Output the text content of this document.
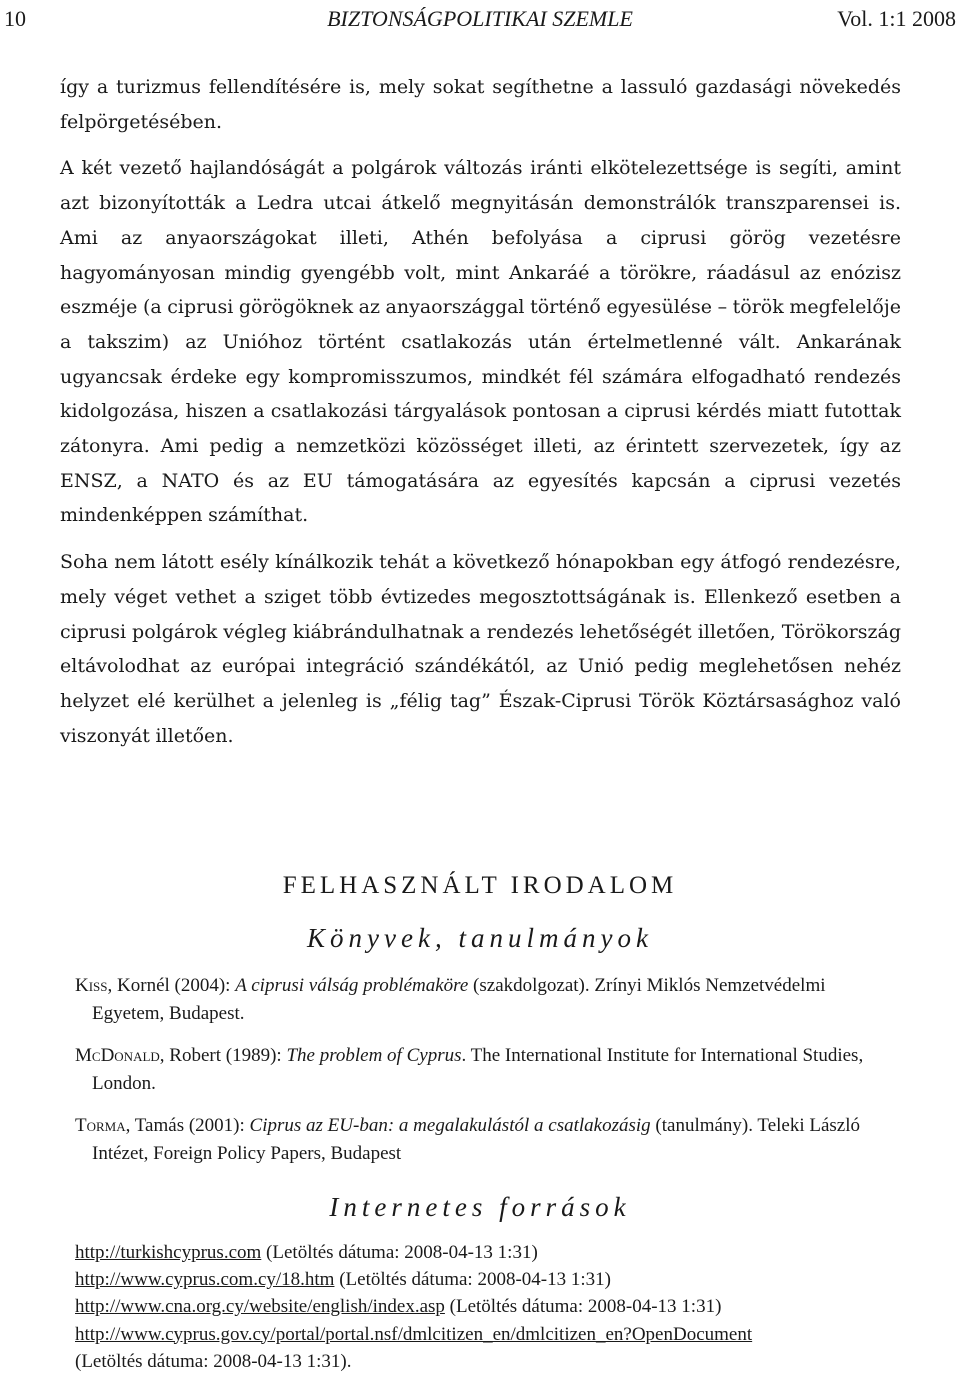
10	BIZTONSÁGPOLITIKAI SZEMLE	Vol. 1:1 2008

így a turizmus fellendítésére is, mely sokat segíthetne a lassuló gazdasági növekedés felpörgetésében.

A két vezető hajlandóságát a polgárok változás iránti elkötelezettsége is segíti, amint azt bizonyították a Ledra utcai átkelő megnyitásán demonstrálók transzparensei is. Ami az anyaországokat illeti, Athén befolyása a ciprusi görög vezetésre hagyományosan mindig gyengébb volt, mint Ankaráé a törökre, ráadásul az enózisz eszméje (a ciprusi görögöknek az anyaországgal történő egyesülése – török megfelelője a takszim) az Unióhoz történt csatlakozás után értelmetlenné vált. Ankarának ugyancsak érdeke egy kompromisszumos, mindkét fél számára elfogadható rendezés kidolgozása, hiszen a csatlakozási tárgyalások pontosan a ciprusi kérdés miatt futottak zátonyra. Ami pedig a nemzetközi közösséget illeti, az érintett szervezetek, így az ENSZ, a NATO és az EU támogatására az egyesítés kapcsán a ciprusi vezetés mindenképpen számíthat.

Soha nem látott esély kínálkozik tehát a következő hónapokban egy átfogó rendezésre, mely véget vethet a sziget több évtizedes megosztottságának is. Ellenkező esetben a ciprusi polgárok végleg kiábrándulhatnak a rendezés lehetőségét illetően, Törökország eltávolodhat az európai integráció szándékától, az Unió pedig meglehetősen nehéz helyzet elé kerülhet a jelenleg is „félig tag” Észak-Ciprusi Török Köztársasághoz való viszonyát illetően.

FELHASZNÁLT IRODALOM
Könyvek, tanulmányok

Kiss, Kornél (2004): A ciprusi válság problémaköre (szakdolgozat). Zrínyi Miklós Nemzetvédelmi Egyetem, Budapest.

McDonald, Robert (1989): The problem of Cyprus. The International Institute for International Studies, London.

Torma, Tamás (2001): Ciprus az EU-ban: a megalakulástól a csatlakozásig (tanulmány). Teleki László Intézet, Foreign Policy Papers, Budapest

Internetes források
http://turkishcyprus.com (Letöltés dátuma: 2008-04-13 1:31)
http://www.cyprus.com.cy/18.htm (Letöltés dátuma: 2008-04-13 1:31)
http://www.cna.org.cy/website/english/index.asp (Letöltés dátuma: 2008-04-13 1:31)
http://www.cyprus.gov.cy/portal/portal.nsf/dmlcitizen_en/dmlcitizen_en?OpenDocument
(Letöltés dátuma: 2008-04-13 1:31).
